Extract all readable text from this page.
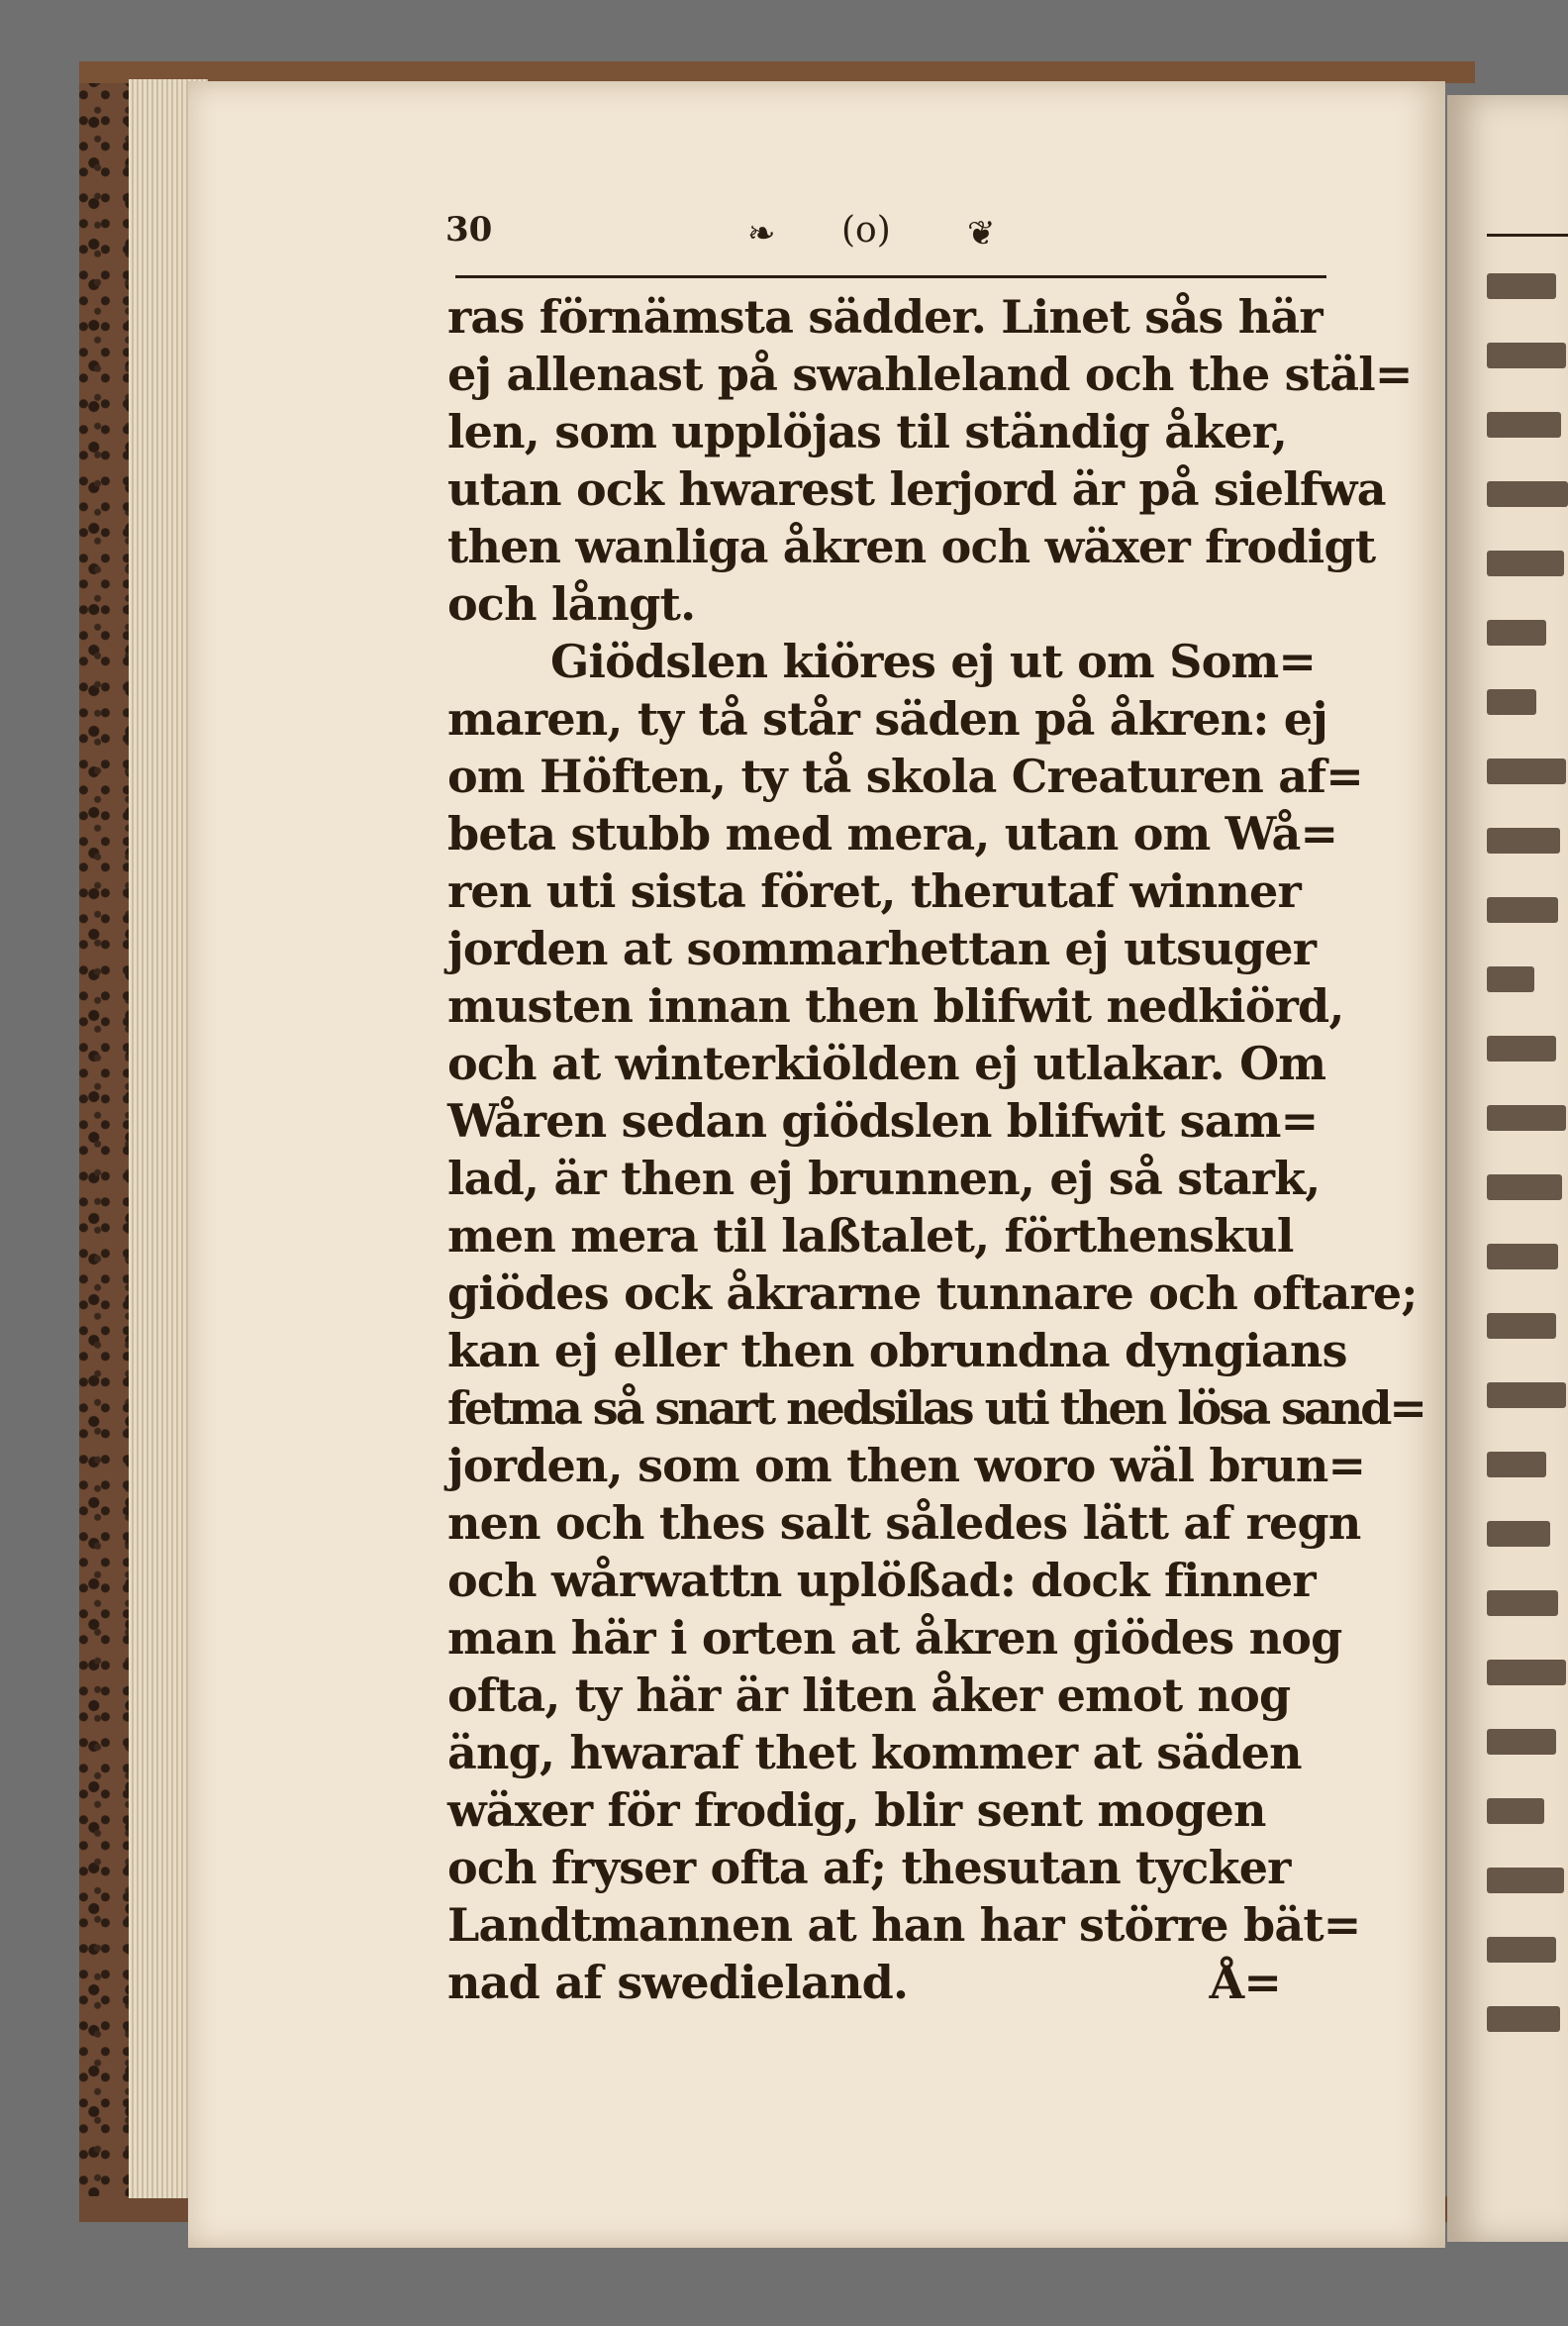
30	❧ (o) ❦
ras förnämsta sädder. Linet sås här
ej allenast på swahleland och the stäl=
len, som upplöjas til ständig åker,
utan ock hwarest lerjord är på sielfwa
then wanliga åkren och wäxer frodigt
och långt.
Giödslen kiöres ej ut om Som=
maren, ty tå står säden på åkren: ej
om Höften, ty tå skola Creaturen af=
beta stubb med mera, utan om Wå=
ren uti sista föret, therutaf winner
jorden at sommarhettan ej utsuger
musten innan then blifwit nedkiörd,
och at winterkiölden ej utlakar. Om
Wåren sedan giödslen blifwit sam=
lad, är then ej brunnen, ej så stark,
men mera til laßtalet, förthenskul
giödes ock åkrarne tunnare och oftare;
kan ej eller then obrundna dyngians
fetma så snart nedsilas uti then lösa sand=
jorden, som om then woro wäl brun=
nen och thes salt således lätt af regn
och wårwattn uplößad: dock finner
man här i orten at åkren giödes nog
ofta, ty här är liten åker emot nog
äng, hwaraf thet kommer at säden
wäxer för frodig, blir sent mogen
och fryser ofta af; thesutan tycker
Landtmannen at han har större bät=
nad af swedieland.                    Å=
